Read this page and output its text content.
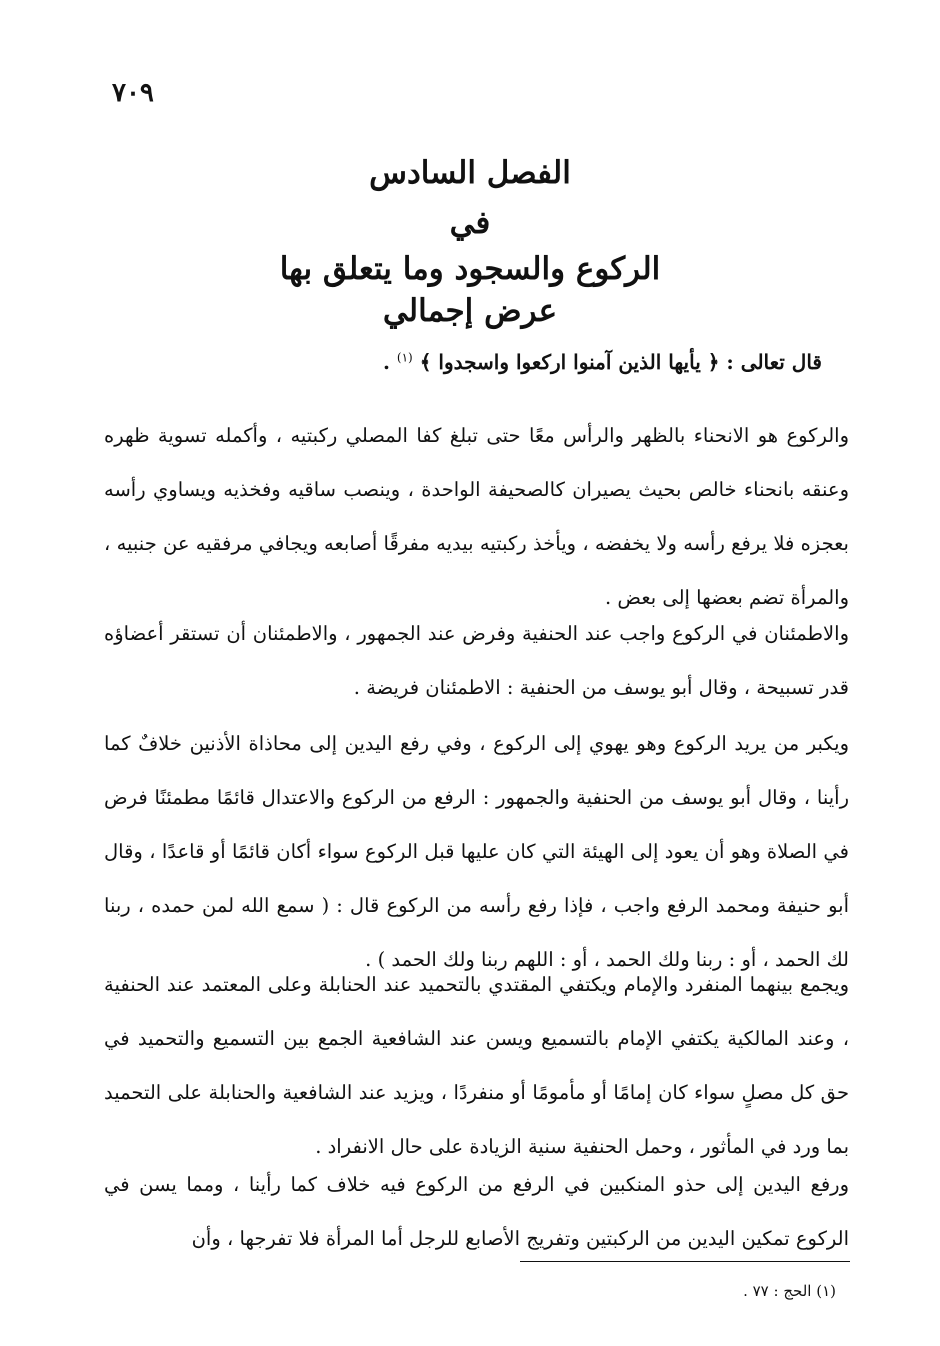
٧٠٩
الفصل السادس
في
الركوع والسجود وما يتعلق بها
عرض إجمالي
قال تعالى : ﴿ يأيها الذين آمنوا اركعوا واسجدوا ﴾ $^{(١)}$ .

والركوع هو الانحناء بالظهر والرأس معًا حتى تبلغ كفا المصلي ركبتيه ، وأكمله تسوية ظهره وعنقه بانحناء خالص بحيث يصيران كالصحيفة الواحدة ، وينصب ساقيه وفخذيه ويساوي رأسه بعجزه فلا يرفع رأسه ولا يخفضه ، ويأخذ ركبتيه بيديه مفرقًا أصابعه ويجافي مرفقيه عن جنبيه ، والمرأة تضم بعضها إلى بعض .

والاطمئنان في الركوع واجب عند الحنفية وفرض عند الجمهور ، والاطمئنان أن تستقر أعضاؤه قدر تسبيحة ، وقال أبو يوسف من الحنفية : الاطمئنان فريضة .

ويكبر من يريد الركوع وهو يهوي إلى الركوع ، وفي رفع اليدين إلى محاذاة الأذنين خلافٌ كما رأينا ، وقال أبو يوسف من الحنفية والجمهور : الرفع من الركوع والاعتدال قائمًا مطمئنًا فرض في الصلاة وهو أن يعود إلى الهيئة التي كان عليها قبل الركوع سواء أكان قائمًا أو قاعدًا ، وقال أبو حنيفة ومحمد الرفع واجب ، فإذا رفع رأسه من الركوع قال : ( سمع الله لمن حمده ، ربنا لك الحمد ، أو : ربنا ولك الحمد ، أو : اللهم ربنا ولك الحمد ) .

ويجمع بينهما المنفرد والإمام ويكتفي المقتدي بالتحميد عند الحنابلة وعلى المعتمد عند الحنفية ، وعند المالكية يكتفي الإمام بالتسميع ويسن عند الشافعية الجمع بين التسميع والتحميد في حق كل مصلٍ سواء كان إمامًا أو مأمومًا أو منفردًا ، ويزيد عند الشافعية والحنابلة على التحميد بما ورد في المأثور ، وحمل الحنفية سنية الزيادة على حال الانفراد .

ورفع اليدين إلى حذو المنكبين في الرفع من الركوع فيه خلاف كما رأينا ، ومما يسن في الركوع تمكين اليدين من الركبتين وتفريج الأصابع للرجل أما المرأة فلا تفرجها ، وأن

(١) الحج : ٧٧ .
